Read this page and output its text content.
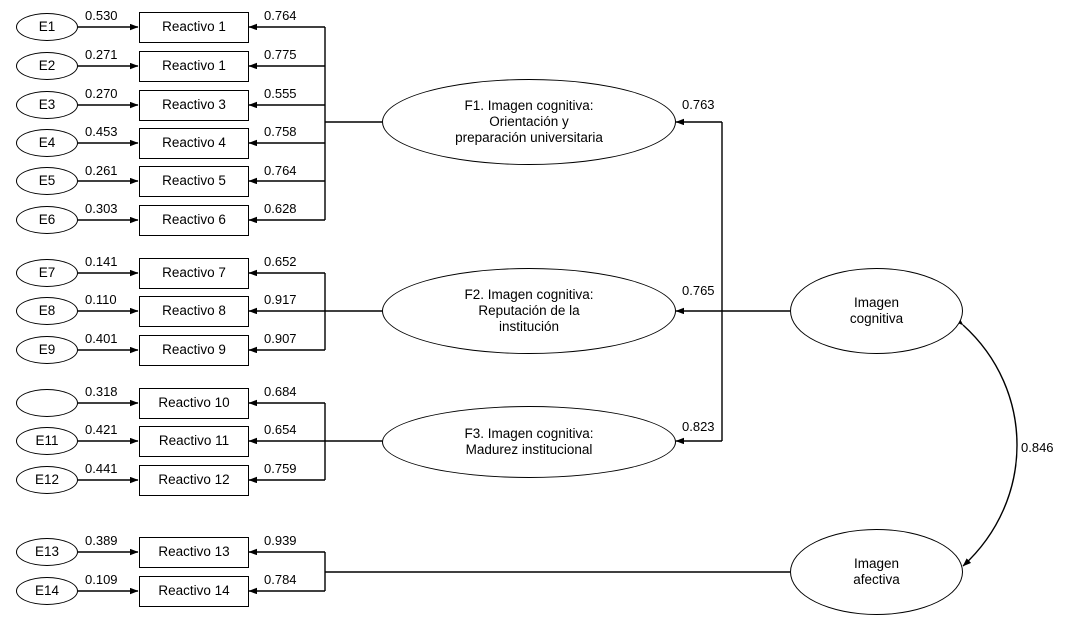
E1
E2
E3
E4
E5
E6
E7
E8
E9
E11
E12
E13
E14
Reactivo 1
Reactivo 1
Reactivo 3
Reactivo 4
Reactivo 5
Reactivo 6
Reactivo 7
Reactivo 8
Reactivo 9
Reactivo 10
Reactivo 11
Reactivo 12
Reactivo 13
Reactivo 14
F1. Imagen cognitiva:
Orientación y
preparación universitaria
F2. Imagen cognitiva:
Reputación de la
institución
F3. Imagen cognitiva:
Madurez institucional
Imagen
cognitiva
Imagen
afectiva
0.530
0.271
0.270
0.453
0.261
0.303
0.141
0.110
0.401
0.318
0.421
0.441
0.389
0.109
0.764
0.775
0.555
0.758
0.764
0.628
0.652
0.917
0.907
0.684
0.654
0.759
0.939
0.784
0.763
0.765
0.823
0.846
